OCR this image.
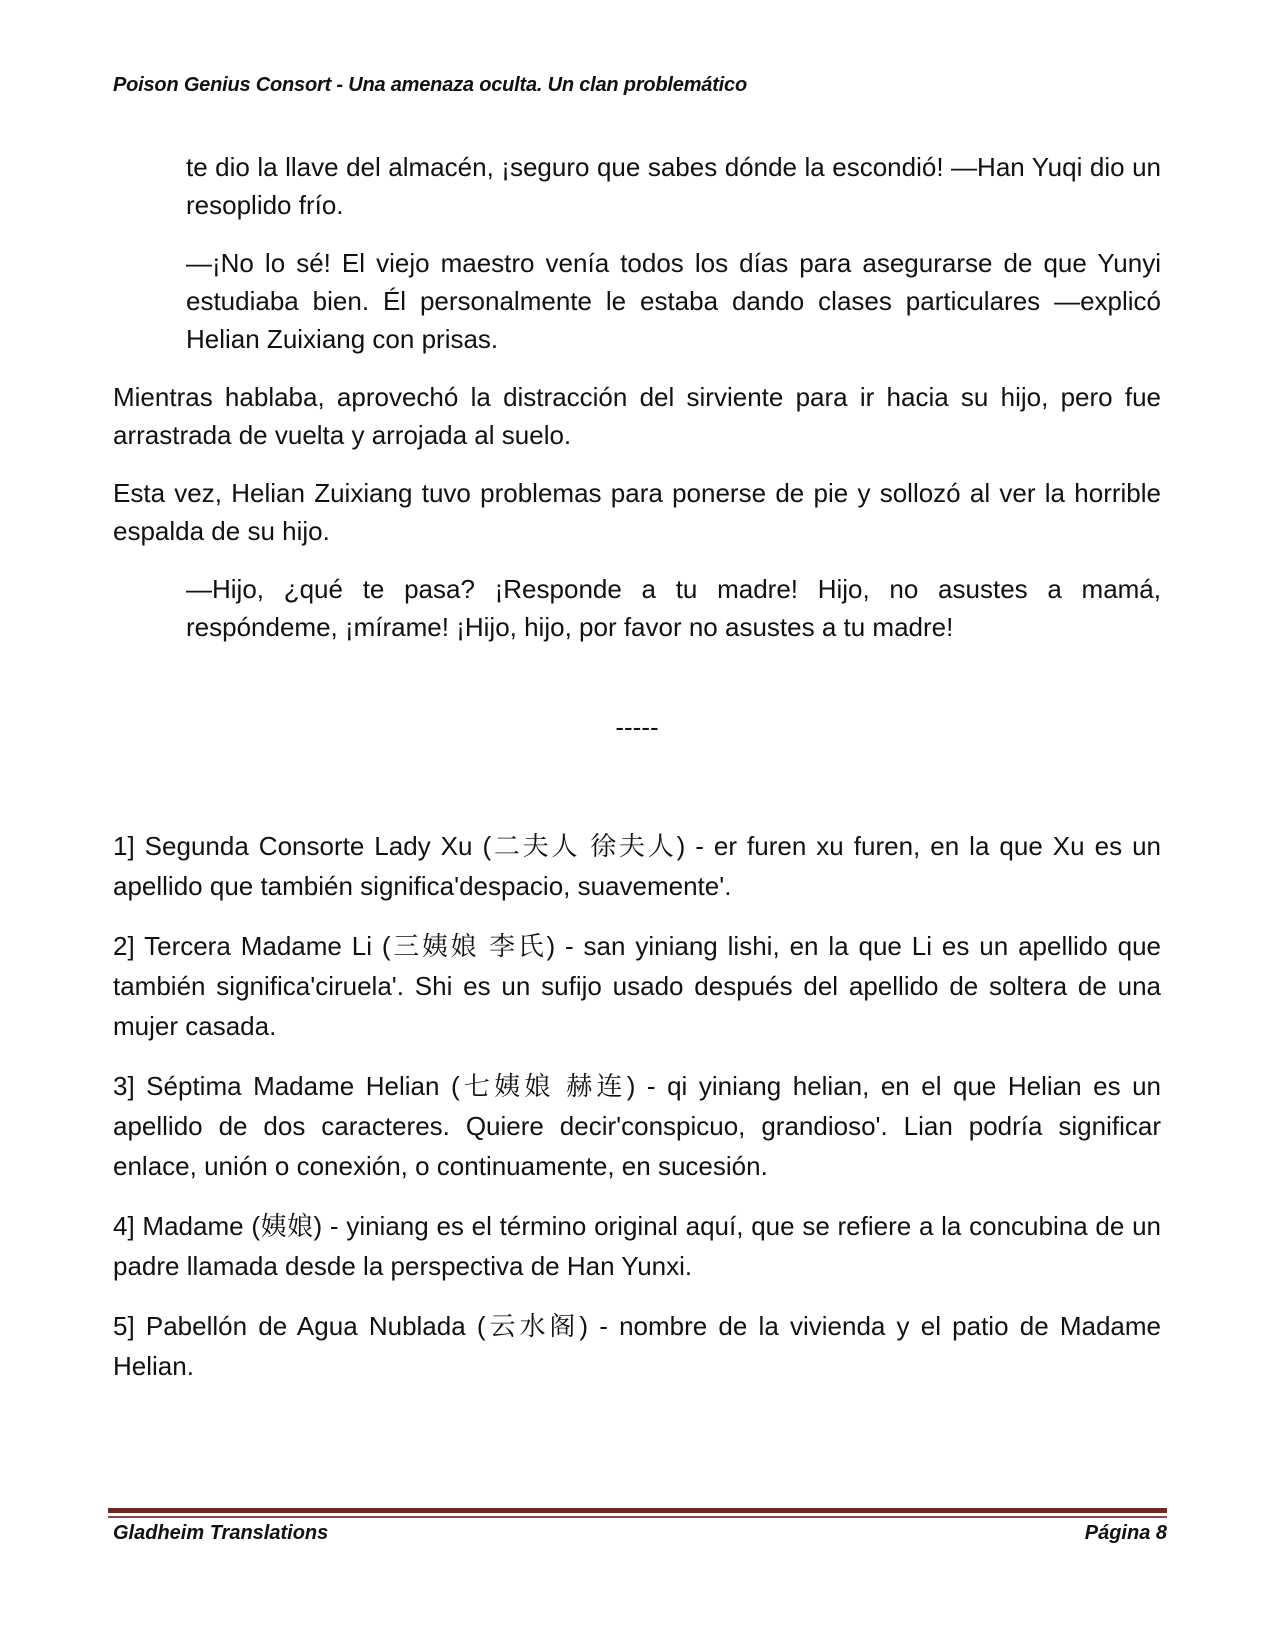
Poison Genius Consort - Una amenaza oculta. Un clan problemático

te dio la llave del almacén, ¡seguro que sabes dónde la escondió! —Han Yuqi dio un resoplido frío.

—¡No lo sé! El viejo maestro venía todos los días para asegurarse de que Yunyi estudiaba bien. Él personalmente le estaba dando clases particulares —explicó Helian Zuixiang con prisas.

Mientras hablaba, aprovechó la distracción del sirviente para ir hacia su hijo, pero fue arrastrada de vuelta y arrojada al suelo.

Esta vez, Helian Zuixiang tuvo problemas para ponerse de pie y sollozó al ver la horrible espalda de su hijo.

—Hijo, ¿qué te pasa? ¡Responde a tu madre! Hijo, no asustes a mamá, respóndeme, ¡mírame! ¡Hijo, hijo, por favor no asustes a tu madre!

-----

1] Segunda Consorte Lady Xu (二夫人 徐夫人) - er furen xu furen, en la que Xu es un apellido que también significa'despacio, suavemente'.

2] Tercera Madame Li (三姨娘 李氏) - san yiniang lishi, en la que Li es un apellido que también significa'ciruela'. Shi es un sufijo usado después del apellido de soltera de una mujer casada.

3] Séptima Madame Helian (七姨娘 赫连) - qi yiniang helian, en el que Helian es un apellido de dos caracteres. Quiere decir'conspicuo, grandioso'. Lian podría significar enlace, unión o conexión, o continuamente, en sucesión.

4] Madame (姨娘) - yiniang es el término original aquí, que se refiere a la concubina de un padre llamada desde la perspectiva de Han Yunxi.

5] Pabellón de Agua Nublada (云水阁) - nombre de la vivienda y el patio de Madame Helian.

Gladheim Translations	Página 8
